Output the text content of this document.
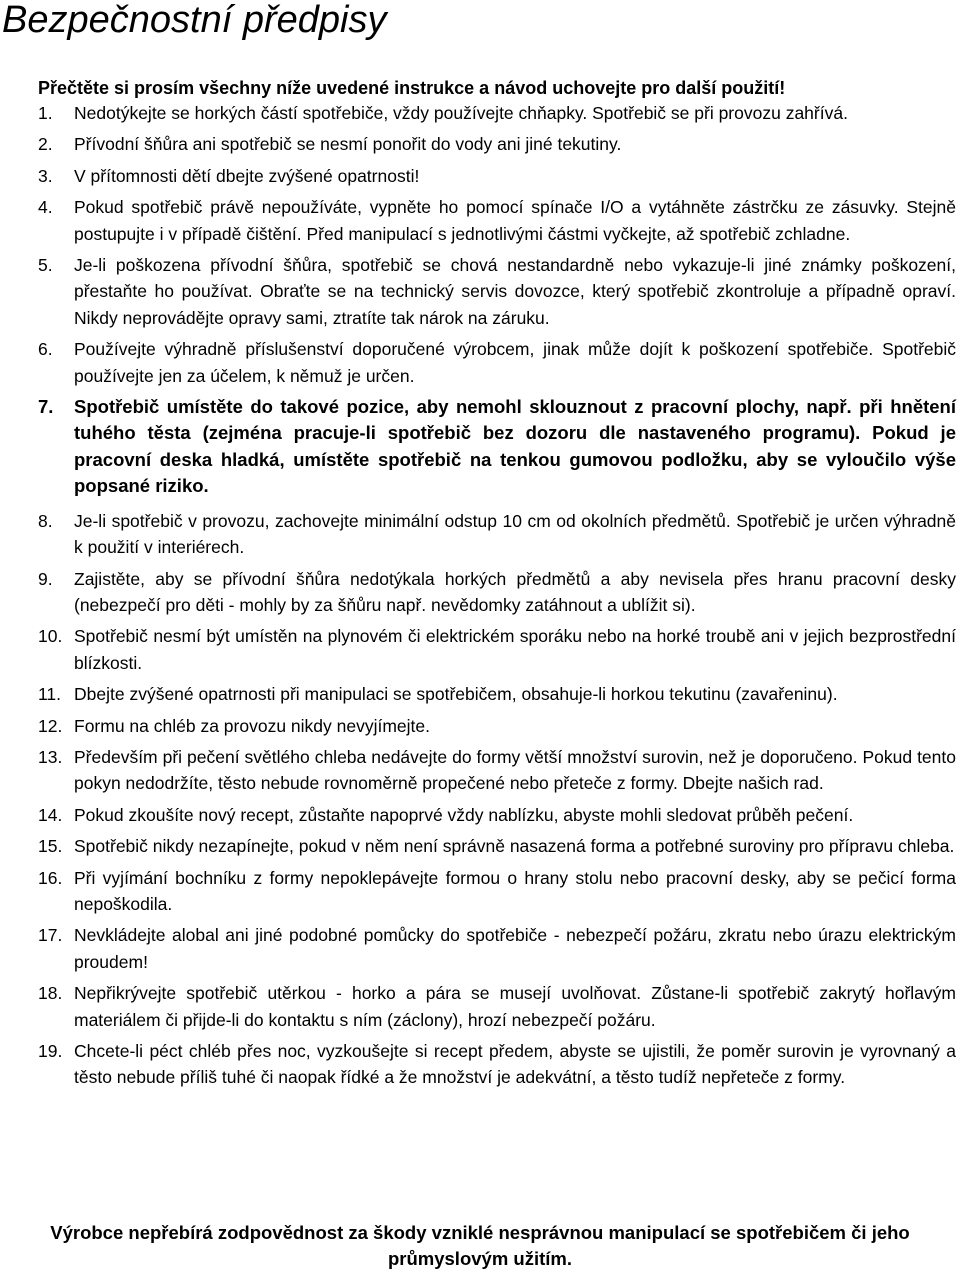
Bezpečnostní předpisy

Přečtěte si prosím všechny níže uvedené instrukce a návod uchovejte pro další použití!

1. Nedotýkejte se horkých částí spotřebiče, vždy používejte chňapky. Spotřebič se při provozu zahřívá.
2. Přívodní šňůra ani spotřebič se nesmí ponořit do vody ani jiné tekutiny.
3. V přítomnosti dětí dbejte zvýšené opatrnosti!
4. Pokud spotřebič právě nepoužíváte, vypněte ho pomocí spínače I/O a vytáhněte zástrčku ze zásuvky. Stejně postupujte i v případě čištění. Před manipulací s jednotlivými částmi vyčkejte, až spotřebič zchladne.
5. Je-li poškozena přívodní šňůra, spotřebič se chová nestandardně nebo vykazuje-li jiné známky poškození, přestaňte ho používat. Obraťte se na technický servis dovozce, který spotřebič zkontroluje a případně opraví. Nikdy neprovádějte opravy sami, ztratíte tak nárok na záruku.
6. Používejte výhradně příslušenství doporučené výrobcem, jinak může dojít k poškození spotřebiče. Spotřebič používejte jen za účelem, k němuž je určen.
7. Spotřebič umístěte do takové pozice, aby nemohl sklouznout z pracovní plochy, např. při hnětení tuhého těsta (zejména pracuje-li spotřebič bez dozoru dle nastaveného programu). Pokud je pracovní deska hladká, umístěte spotřebič na tenkou gumovou podložku, aby se vyloučilo výše popsané riziko.
8. Je-li spotřebič v provozu, zachovejte minimální odstup 10 cm od okolních předmětů. Spotřebič je určen výhradně k použití v interiérech.
9. Zajistěte, aby se přívodní šňůra nedotýkala horkých předmětů a aby nevisela přes hranu pracovní desky (nebezpečí pro děti - mohly by za šňůru např. nevědomky zatáhnout a ublížit si).
10. Spotřebič nesmí být umístěn na plynovém či elektrickém sporáku nebo na horké troubě ani v jejich bezprostřední blízkosti.
11. Dbejte zvýšené opatrnosti při manipulaci se spotřebičem, obsahuje-li horkou tekutinu (zavařeninu).
12. Formu na chléb za provozu nikdy nevyjímejte.
13. Především při pečení světlého chleba nedávejte do formy větší množství surovin, než je doporučeno. Pokud tento pokyn nedodržíte, těsto nebude rovnoměrně propečené nebo přeteče z formy. Dbejte našich rad.
14. Pokud zkoušíte nový recept, zůstaňte napoprvé vždy nablízku, abyste mohli sledovat průběh pečení.
15. Spotřebič nikdy nezapínejte, pokud v něm není správně nasazená forma a potřebné suroviny pro přípravu chleba.
16. Při vyjímání bochníku z formy nepoklepávejte formou o hrany stolu nebo pracovní desky, aby se pečicí forma nepoškodila.
17. Nevkládejte alobal ani jiné podobné pomůcky do spotřebiče - nebezpečí požáru, zkratu nebo úrazu elektrickým proudem!
18. Nepřikrývejte spotřebič utěrkou - horko a pára se musejí uvolňovat. Zůstane-li spotřebič zakrytý hořlavým materiálem či přijde-li do kontaktu s ním (záclony), hrozí nebezpečí požáru.
19. Chcete-li péct chléb přes noc, vyzkoušejte si recept předem, abyste se ujistili, že poměr surovin je vyrovnaný a těsto nebude příliš tuhé či naopak řídké a že množství je adekvátní, a těsto tudíž nepřeteče z formy.

Výrobce nepřebírá zodpovědnost za škody vzniklé nesprávnou manipulací se spotřebičem či jeho průmyslovým užitím.
